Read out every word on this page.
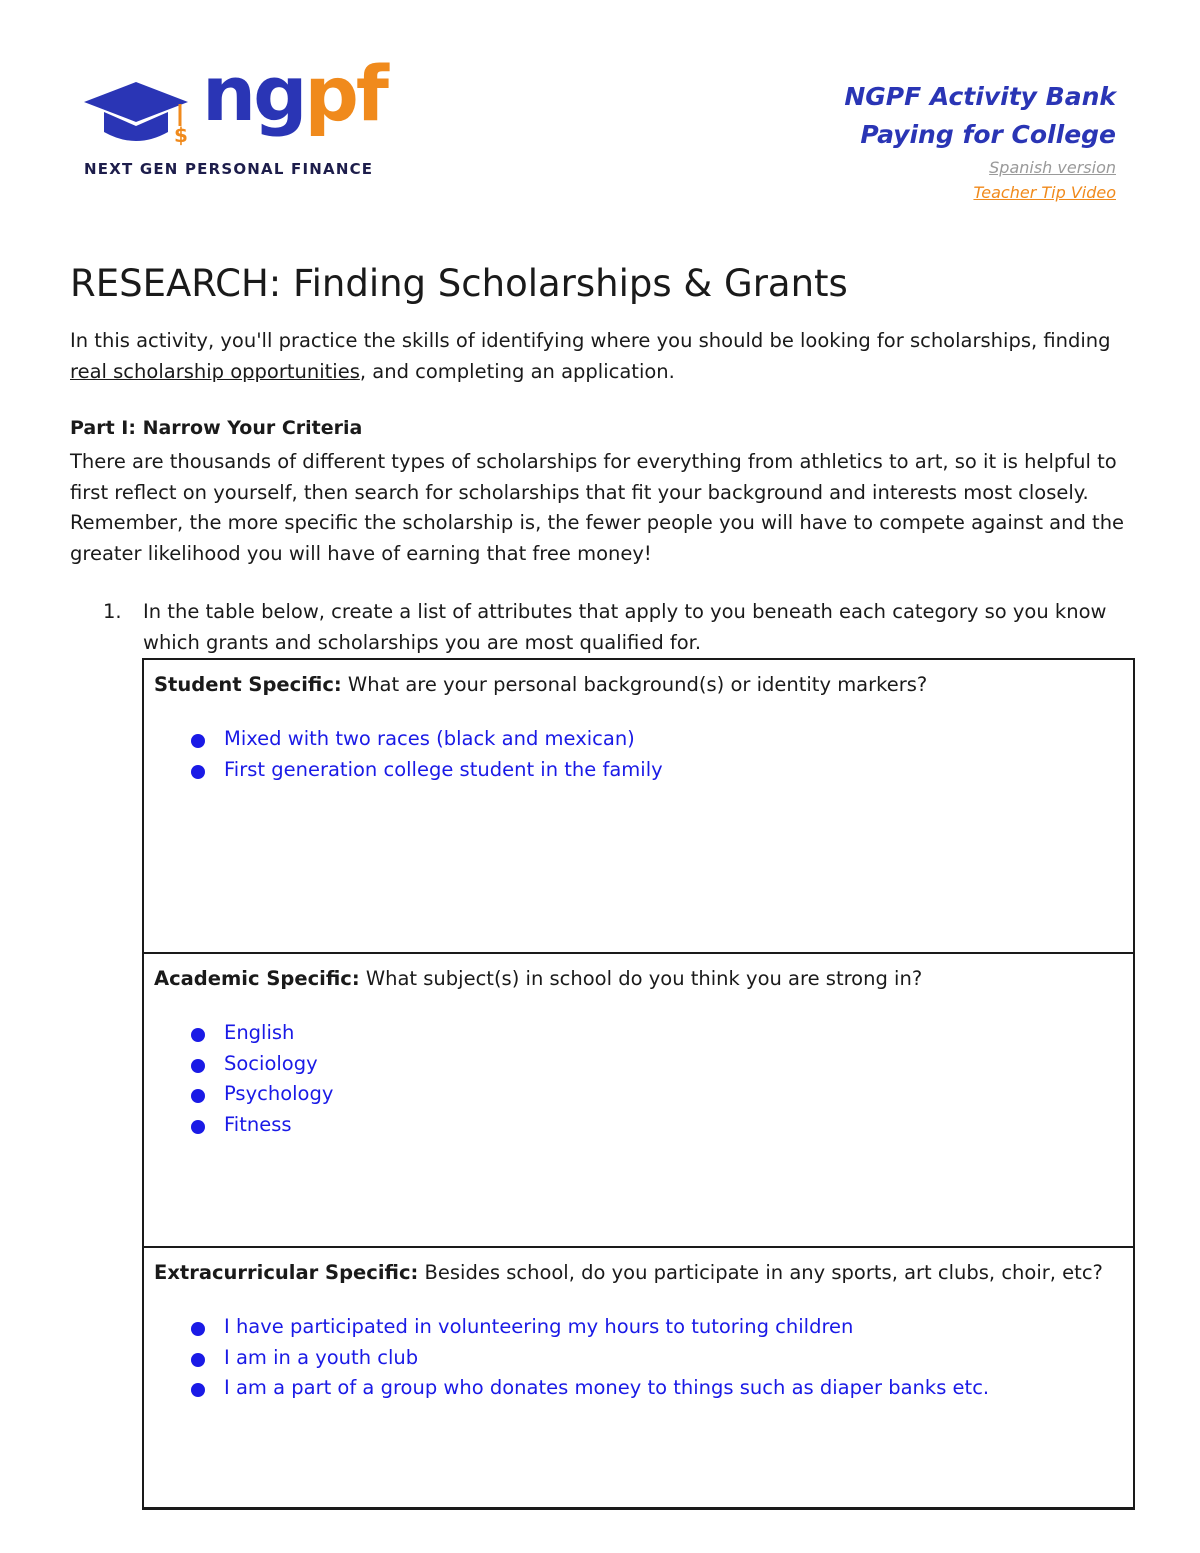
$ ngpf
NEXT GEN PERSONAL FINANCE
NGPF Activity Bank
Paying for College
Spanish version
Teacher Tip Video
RESEARCH: Finding Scholarships & Grants
In this activity, you'll practice the skills of identifying where you should be looking for scholarships, finding real scholarship opportunities, and completing an application.
Part I: Narrow Your Criteria
There are thousands of different types of scholarships for everything from athletics to art, so it is helpful to first reflect on yourself, then search for scholarships that fit your background and interests most closely. Remember, the more specific the scholarship is, the fewer people you will have to compete against and the greater likelihood you will have of earning that free money!
1. In the table below, create a list of attributes that apply to you beneath each category so you know which grants and scholarships you are most qualified for.
Student Specific: What are your personal background(s) or identity markers?
Mixed with two races (black and mexican)
First generation college student in the family
Academic Specific: What subject(s) in school do you think you are strong in?
English
Sociology
Psychology
Fitness
Extracurricular Specific: Besides school, do you participate in any sports, art clubs, choir, etc?
I have participated in volunteering my hours to tutoring children
I am in a youth club
I am a part of a group who donates money to things such as diaper banks etc.
